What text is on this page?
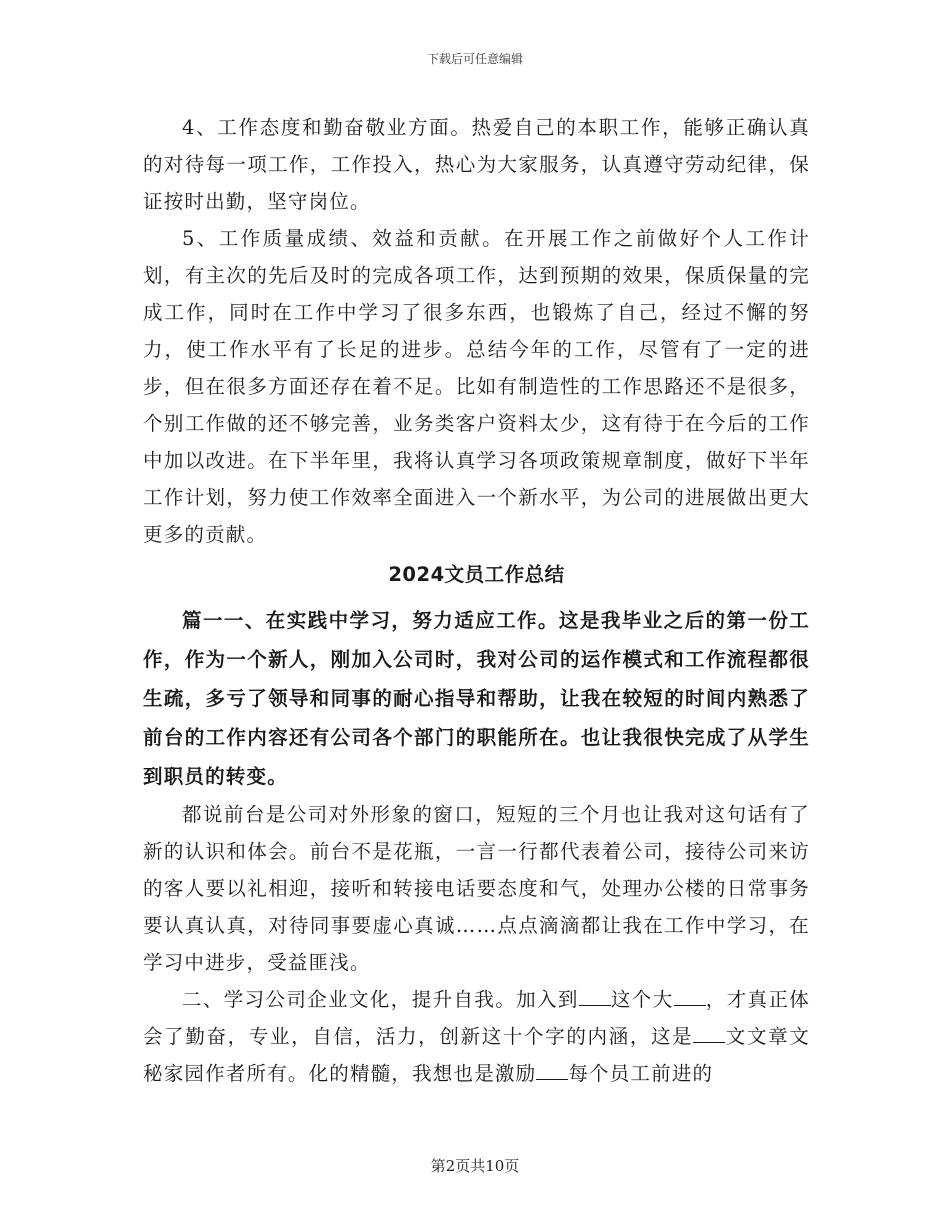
下载后可任意编辑

4、工作态度和勤奋敬业方面。热爱自己的本职工作，能够正确认真的对待每一项工作，工作投入，热心为大家服务，认真遵守劳动纪律，保证按时出勤，坚守岗位。

5、工作质量成绩、效益和贡献。在开展工作之前做好个人工作计划，有主次的先后及时的完成各项工作，达到预期的效果，保质保量的完成工作，同时在工作中学习了很多东西，也锻炼了自己，经过不懈的努力，使工作水平有了长足的进步。总结今年的工作，尽管有了一定的进步，但在很多方面还存在着不足。比如有制造性的工作思路还不是很多，个别工作做的还不够完善，业务类客户资料太少，这有待于在今后的工作中加以改进。在下半年里，我将认真学习各项政策规章制度，做好下半年工作计划，努力使工作效率全面进入一个新水平，为公司的进展做出更大更多的贡献。

2024文员工作总结

篇一一、在实践中学习，努力适应工作。这是我毕业之后的第一份工作，作为一个新人，刚加入公司时，我对公司的运作模式和工作流程都很生疏，多亏了领导和同事的耐心指导和帮助，让我在较短的时间内熟悉了前台的工作内容还有公司各个部门的职能所在。也让我很快完成了从学生到职员的转变。

都说前台是公司对外形象的窗口，短短的三个月也让我对这句话有了新的认识和体会。前台不是花瓶，一言一行都代表着公司，接待公司来访的客人要以礼相迎，接听和转接电话要态度和气，处理办公楼的日常事务要认真认真，对待同事要虚心真诚……点点滴滴都让我在工作中学习，在学习中进步，受益匪浅。

二、学习公司企业文化，提升自我。加入到 这个大 ，才真正体会了勤奋，专业，自信，活力，创新这十个字的内涵，这是 文文章文秘家园作者所有。化的精髓，我想也是激励 每个员工前进的

第2页共10页
